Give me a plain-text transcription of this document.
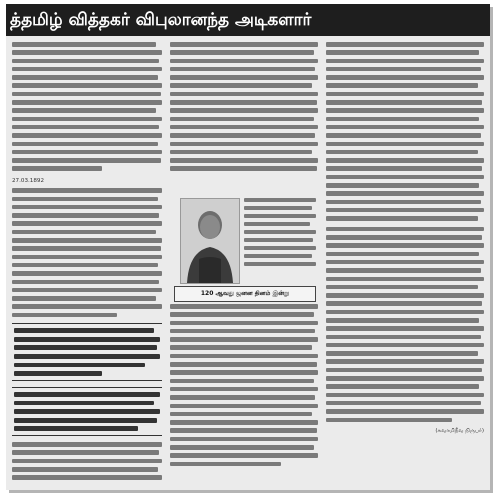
த்தமிழ் வித்தகர் விபுலானந்த அடிகளார்
27.03.1892
120 ஆவது ஜனன தினம் இன்று
(சுவாமிநீவ நிருபர்)
